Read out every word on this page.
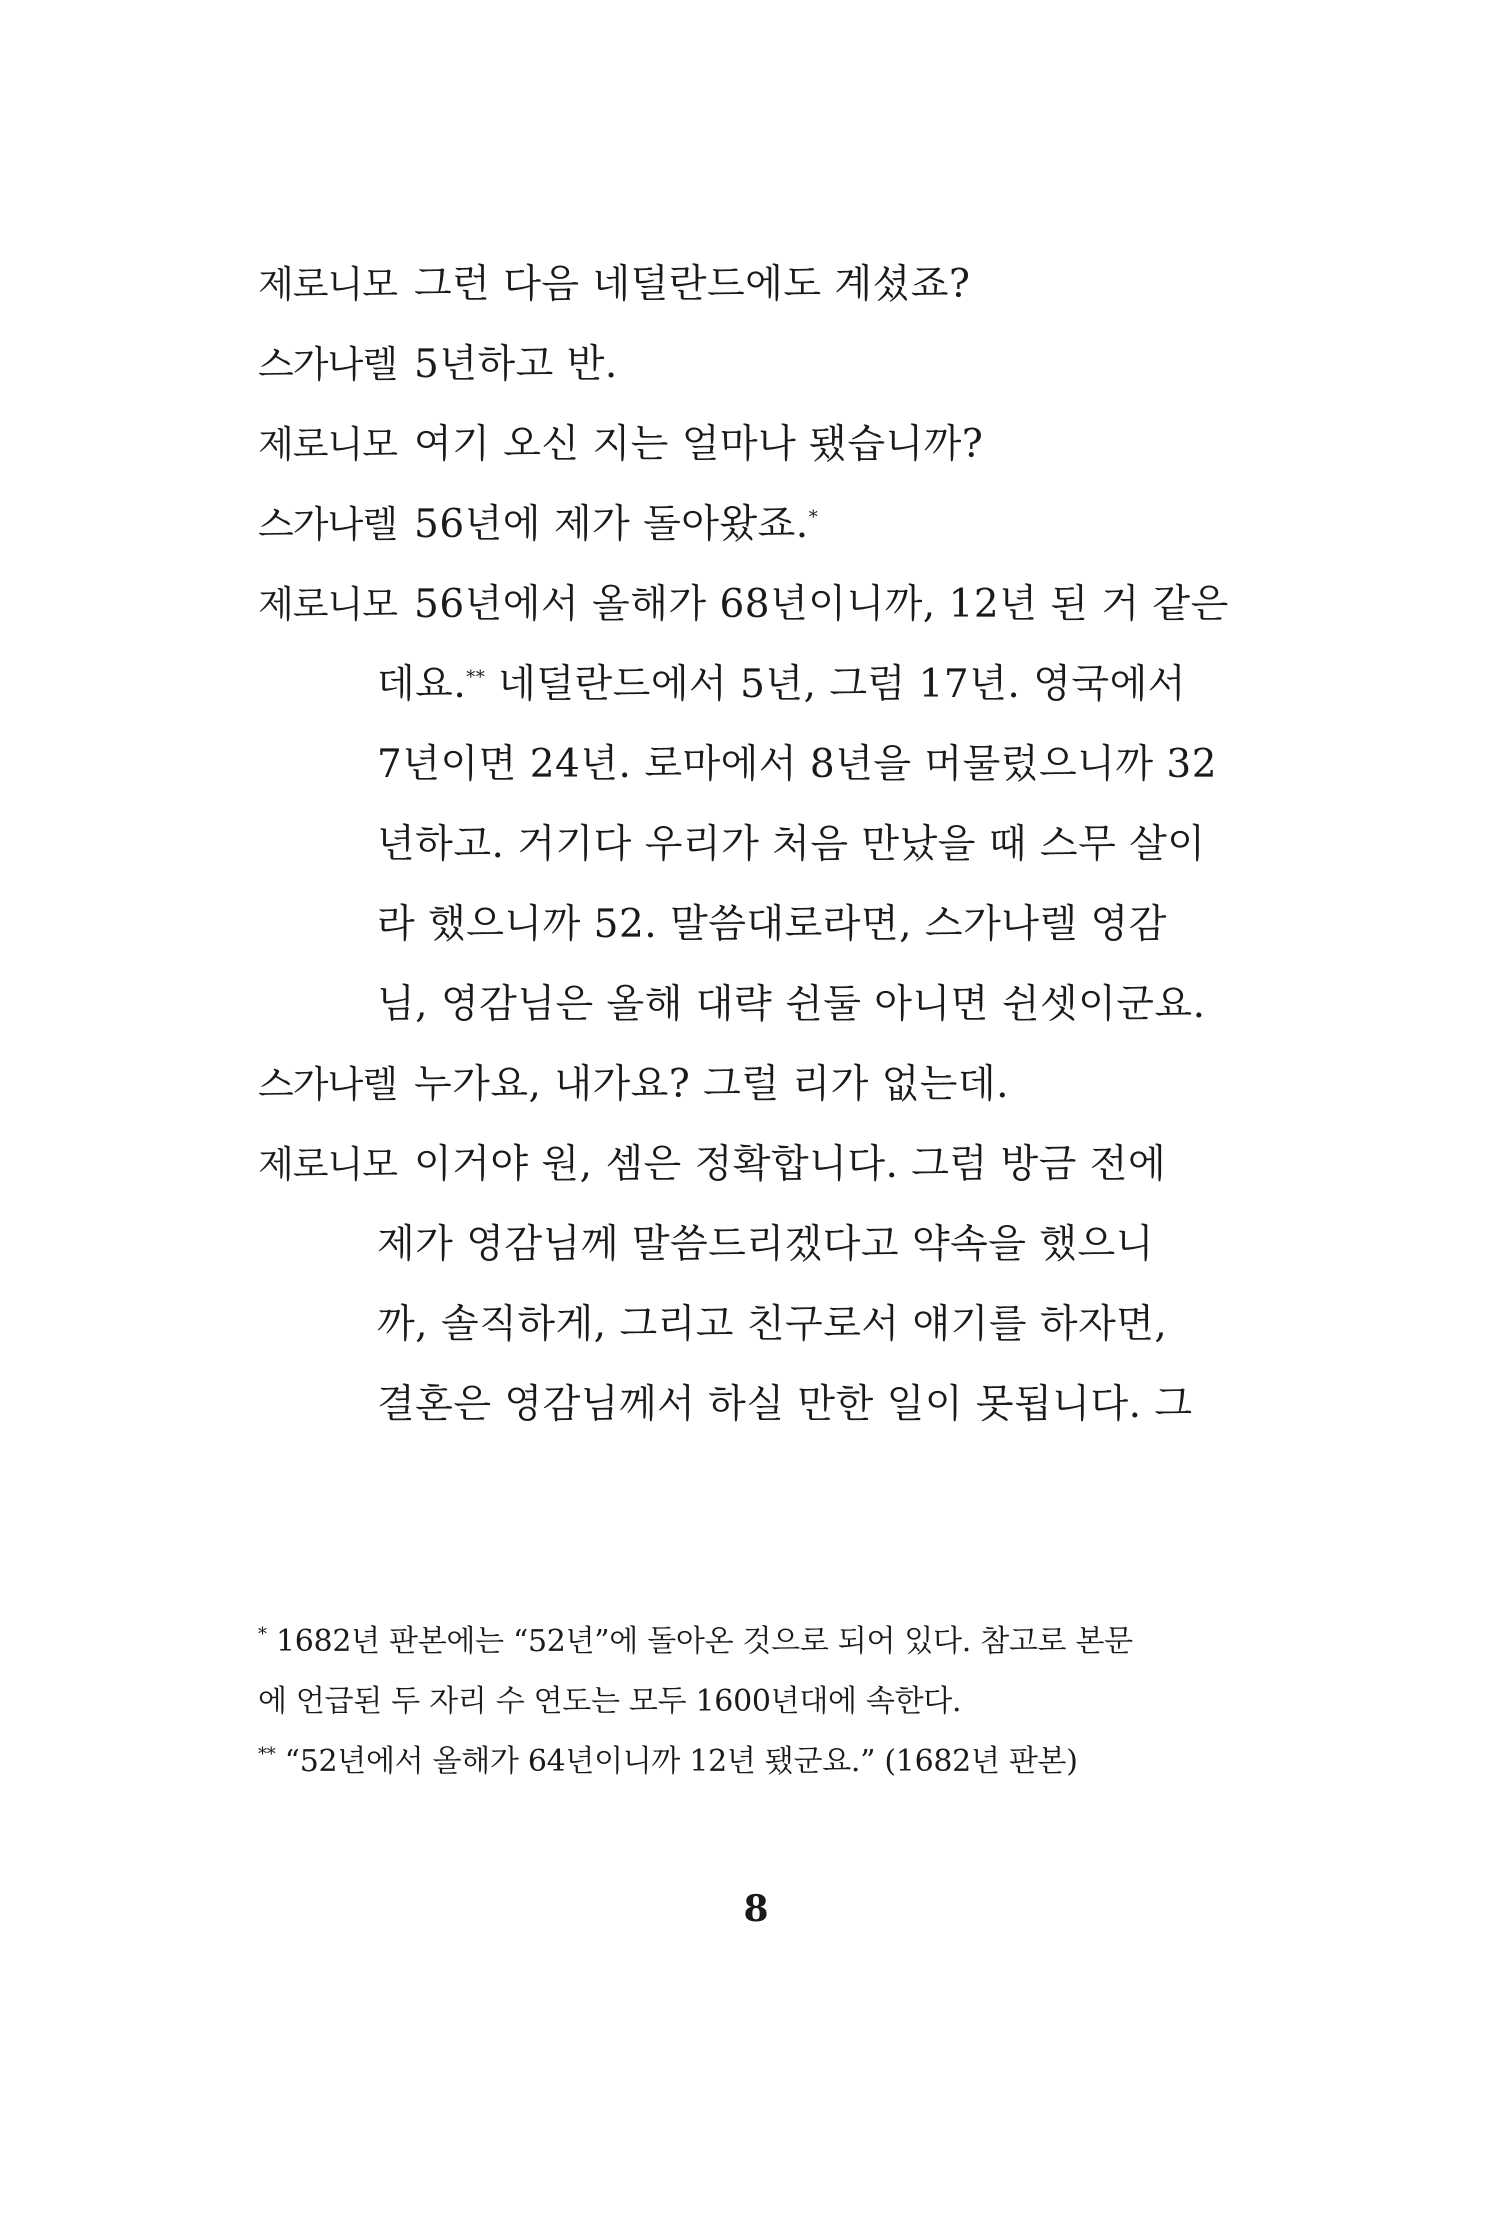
제로니모 그런 다음 네덜란드에도 계셨죠?
스가나렐 5년하고 반.
제로니모 여기 오신 지는 얼마나 됐습니까?
스가나렐 56년에 제가 돌아왔죠.*
제로니모 56년에서 올해가 68년이니까, 12년 된 거 같은
데요.** 네덜란드에서 5년, 그럼 17년. 영국에서
7년이면 24년. 로마에서 8년을 머물렀으니까 32
년하고. 거기다 우리가 처음 만났을 때 스무 살이
라 했으니까 52. 말씀대로라면, 스가나렐 영감
님, 영감님은 올해 대략 쉰둘 아니면 쉰셋이군요.
스가나렐 누가요, 내가요? 그럴 리가 없는데.
제로니모 이거야 원, 셈은 정확합니다. 그럼 방금 전에
제가 영감님께 말씀드리겠다고 약속을 했으니
까, 솔직하게, 그리고 친구로서 얘기를 하자면,
결혼은 영감님께서 하실 만한 일이 못됩니다. 그
* 1682년 판본에는 “52년”에 돌아온 것으로 되어 있다. 참고로 본문
에 언급된 두 자리 수 연도는 모두 1600년대에 속한다.
** “52년에서 올해가 64년이니까 12년 됐군요.” (1682년 판본)
8
